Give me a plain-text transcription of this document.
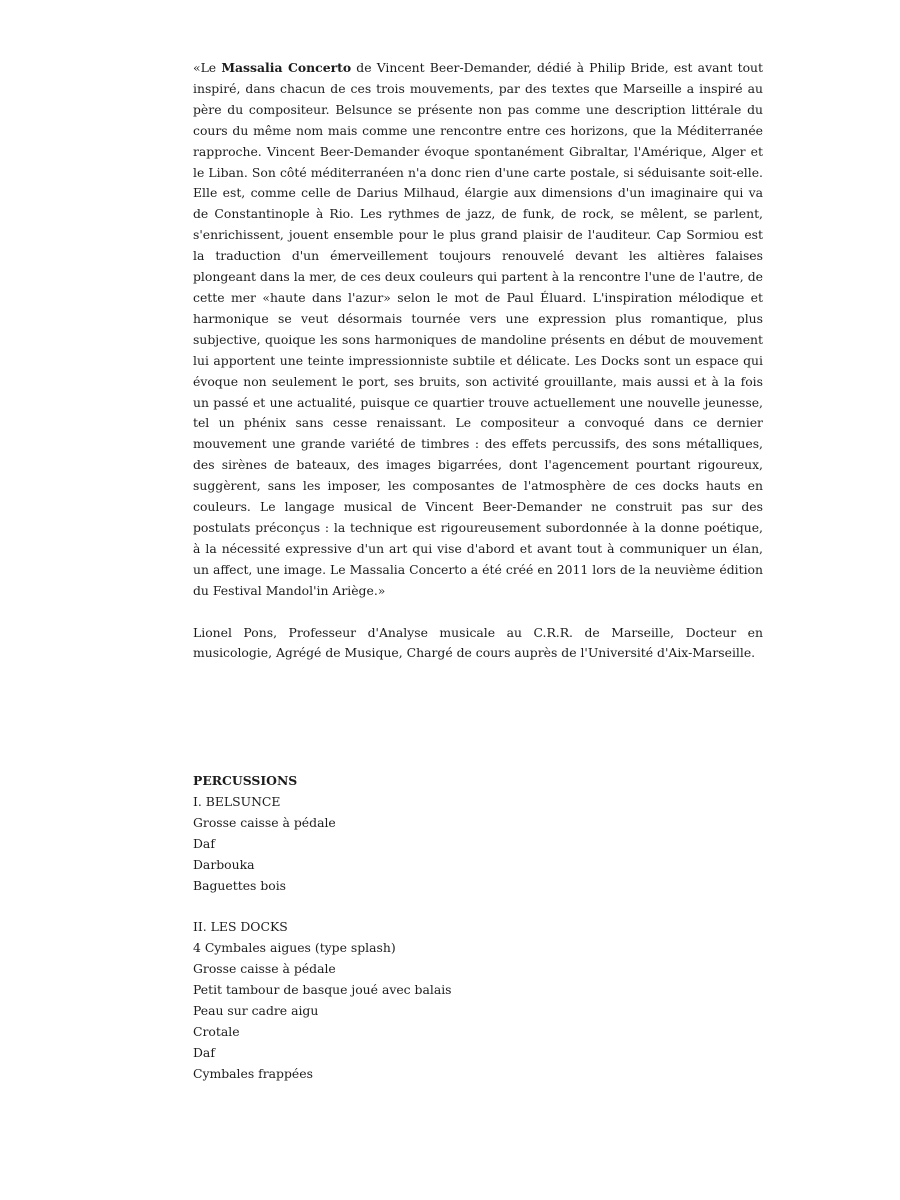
«Le Massalia Concerto de Vincent Beer-Demander, dédié à Philip Bride, est avant tout inspiré, dans chacun de ces trois mouvements, par des textes que Marseille a inspiré au père du compositeur. Belsunce se présente non pas comme une description littérale du cours du même nom mais comme une rencontre entre ces horizons, que la Méditerranée rapproche. Vincent Beer-Demander évoque spontanément Gibraltar, l'Amérique, Alger et le Liban. Son côté méditerranéen n'a donc rien d'une carte postale, si séduisante soit-elle. Elle est, comme celle de Darius Milhaud, élargie aux dimensions d'un imaginaire qui va de Constantinople à Rio. Les rythmes de jazz, de funk, de rock, se mêlent, se parlent, s'enrichissent, jouent ensemble pour le plus grand plaisir de l'auditeur. Cap Sormiou est la traduction d'un émerveillement toujours renouvelé devant les altières falaises plongeant dans la mer, de ces deux couleurs qui partent à la rencontre l'une de l'autre, de cette mer «haute dans l'azur» selon le mot de Paul Éluard. L'inspiration mélodique et harmonique se veut désormais tournée vers une expression plus romantique, plus subjective, quoique les sons harmoniques de mandoline présents en début de mouvement lui apportent une teinte impressionniste subtile et délicate. Les Docks sont un espace qui évoque non seulement le port, ses bruits, son activité grouillante, mais aussi et à la fois un passé et une actualité, puisque ce quartier trouve actuellement une nouvelle jeunesse, tel un phénix sans cesse renaissant. Le compositeur a convoqué dans ce dernier mouvement une grande variété de timbres : des effets percussifs, des sons métalliques, des sirènes de bateaux, des images bigarrées, dont l'agencement pourtant rigoureux, suggèrent, sans les imposer, les composantes de l'atmosphère de ces docks hauts en couleurs. Le langage musical de Vincent Beer-Demander ne construit pas sur des postulats préconçus : la technique est rigoureusement subordonnée à la donne poétique, à la nécessité expressive d'un art qui vise d'abord et avant tout à communiquer un élan, un affect, une image. Le Massalia Concerto a été créé en 2011 lors de la neuvième édition du Festival Mandol'in Ariège.»

Lionel Pons, Professeur d'Analyse musicale au C.R.R. de Marseille, Docteur en musicologie, Agrégé de Musique, Chargé de cours auprès de l'Université d'Aix-Marseille.

PERCUSSIONS

I. BELSUNCE

Grosse caisse à pédale
Daf
Darbouka
Baguettes bois

II. LES DOCKS

4 Cymbales aigues (type splash)
Grosse caisse à pédale
Petit tambour de basque joué avec balais
Peau sur cadre aigu
Crotale
Daf
Cymbales frappées
